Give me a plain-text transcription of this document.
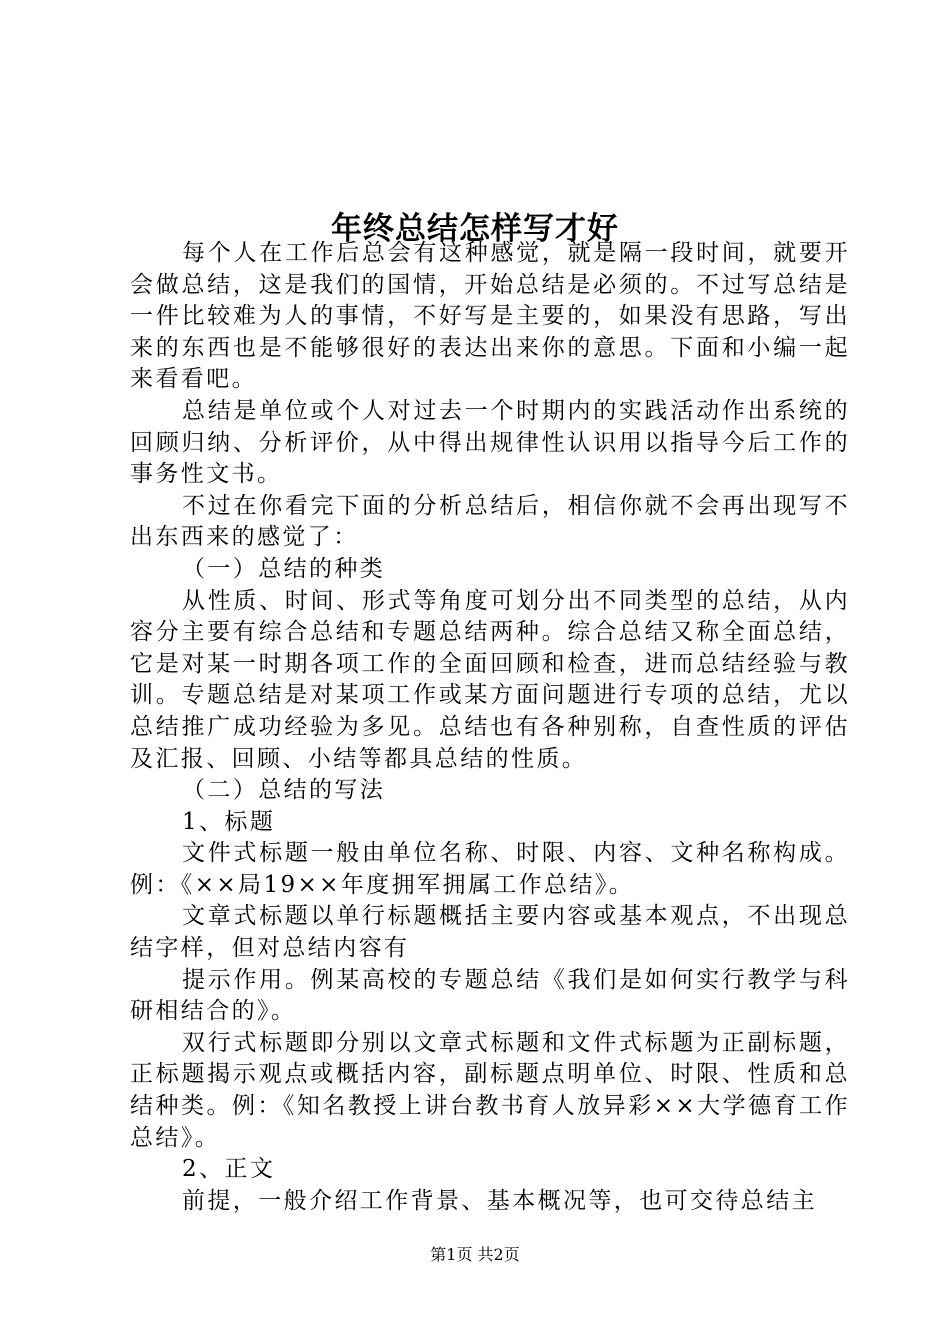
年终总结怎样写才好

每个人在工作后总会有这种感觉，就是隔一段时间，就要开会做总结，这是我们的国情，开始总结是必须的。不过写总结是一件比较难为人的事情，不好写是主要的，如果没有思路，写出来的东西也是不能够很好的表达出来你的意思。下面和小编一起来看看吧。

总结是单位或个人对过去一个时期内的实践活动作出系统的回顾归纳、分析评价，从中得出规律性认识用以指导今后工作的事务性文书。

不过在你看完下面的分析总结后，相信你就不会再出现写不出东西来的感觉了：

（一）总结的种类

从性质、时间、形式等角度可划分出不同类型的总结，从内容分主要有综合总结和专题总结两种。综合总结又称全面总结，它是对某一时期各项工作的全面回顾和检查，进而总结经验与教训。专题总结是对某项工作或某方面问题进行专项的总结，尤以总结推广成功经验为多见。总结也有各种别称，自查性质的评估及汇报、回顾、小结等都具总结的性质。

（二）总结的写法

1、标题

文件式标题一般由单位名称、时限、内容、文种名称构成。例：《××局19××年度拥军拥属工作总结》。

文章式标题以单行标题概括主要内容或基本观点，不出现总结字样，但对总结内容有

提示作用。例某高校的专题总结《我们是如何实行教学与科研相结合的》。

双行式标题即分别以文章式标题和文件式标题为正副标题，正标题揭示观点或概括内容，副标题点明单位、时限、性质和总结种类。例：《知名教授上讲台教书育人放异彩××大学德育工作总结》。

2、正文

前提，一般介绍工作背景、基本概况等，也可交待总结主

第1页 共2页
